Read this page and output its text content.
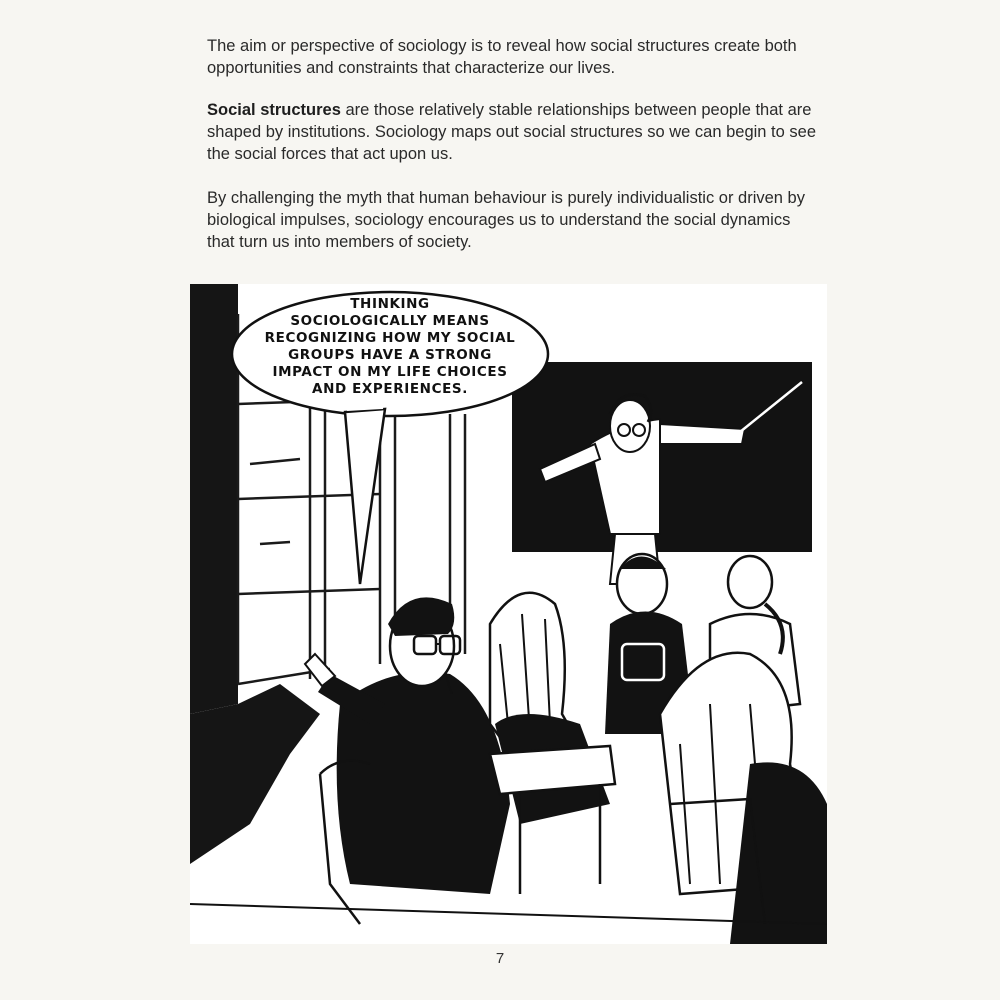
The aim or perspective of sociology is to reveal how social structures create both opportunities and constraints that characterize our lives.

Social structures are those relatively stable relationships between people that are shaped by institutions. Sociology maps out social structures so we can begin to see the social forces that act upon us.

By challenging the myth that human behaviour is purely individualistic or driven by biological impulses, sociology encourages us to understand the social dynamics that turn us into members of society.

THINKING
SOCIOLOGICALLY MEANS
RECOGNIZING HOW MY SOCIAL
GROUPS HAVE A STRONG
IMPACT ON MY LIFE CHOICES
AND EXPERIENCES.
7
